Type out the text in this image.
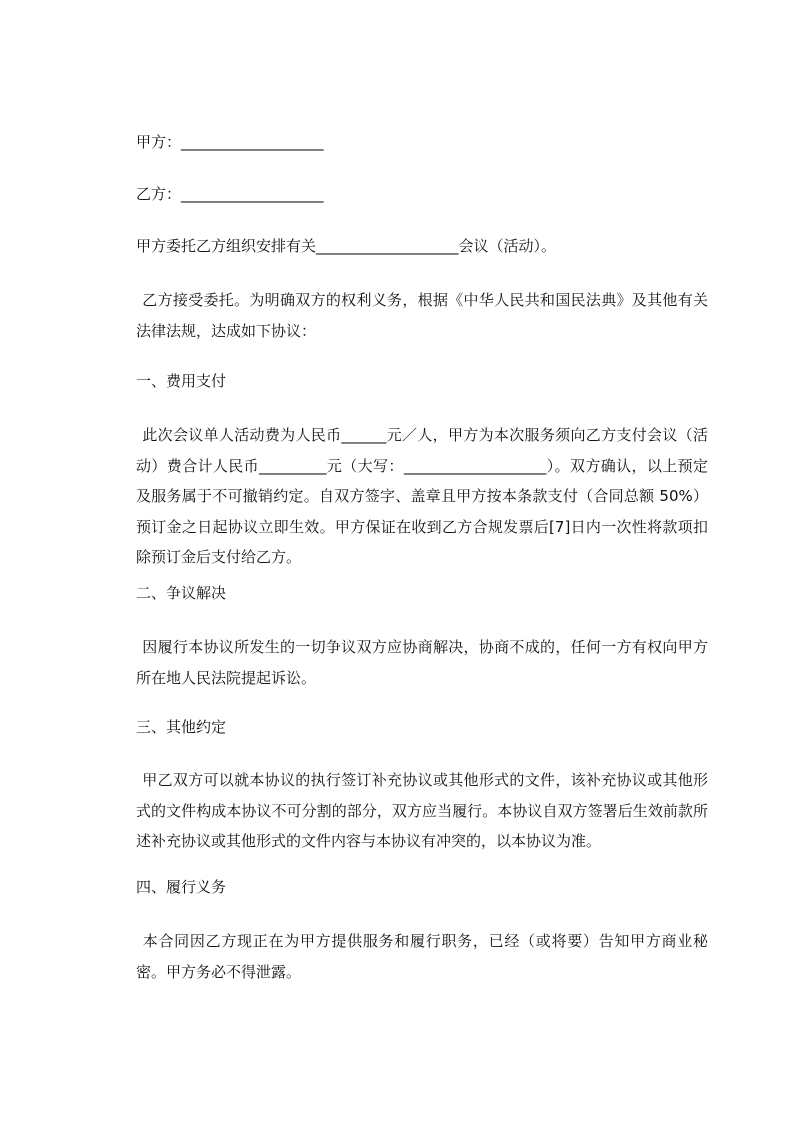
甲方：___________________
乙方：___________________
甲方委托乙方组织安排有关___________________会议（活动）。
乙方接受委托。为明确双方的权利义务，根据《中华人民共和国民法典》及其他有关法律法规，达成如下协议：
一、费用支付
此次会议单人活动费为人民币______元／人，甲方为本次服务须向乙方支付会议（活动）费合计人民币_________元（大写：___________________）。双方确认，以上预定及服务属于不可撤销约定。自双方签字、盖章且甲方按本条款支付（合同总额 50%）预订金之日起协议立即生效。甲方保证在收到乙方合规发票后[7]日内一次性将款项扣除预订金后支付给乙方。
二、争议解决
因履行本协议所发生的一切争议双方应协商解决，协商不成的，任何一方有权向甲方所在地人民法院提起诉讼。
三、其他约定
甲乙双方可以就本协议的执行签订补充协议或其他形式的文件，该补充协议或其他形式的文件构成本协议不可分割的部分，双方应当履行。本协议自双方签署后生效前款所述补充协议或其他形式的文件内容与本协议有冲突的，以本协议为准。
四、履行义务
本合同因乙方现正在为甲方提供服务和履行职务，已经（或将要）告知甲方商业秘密。甲方务必不得泄露。
